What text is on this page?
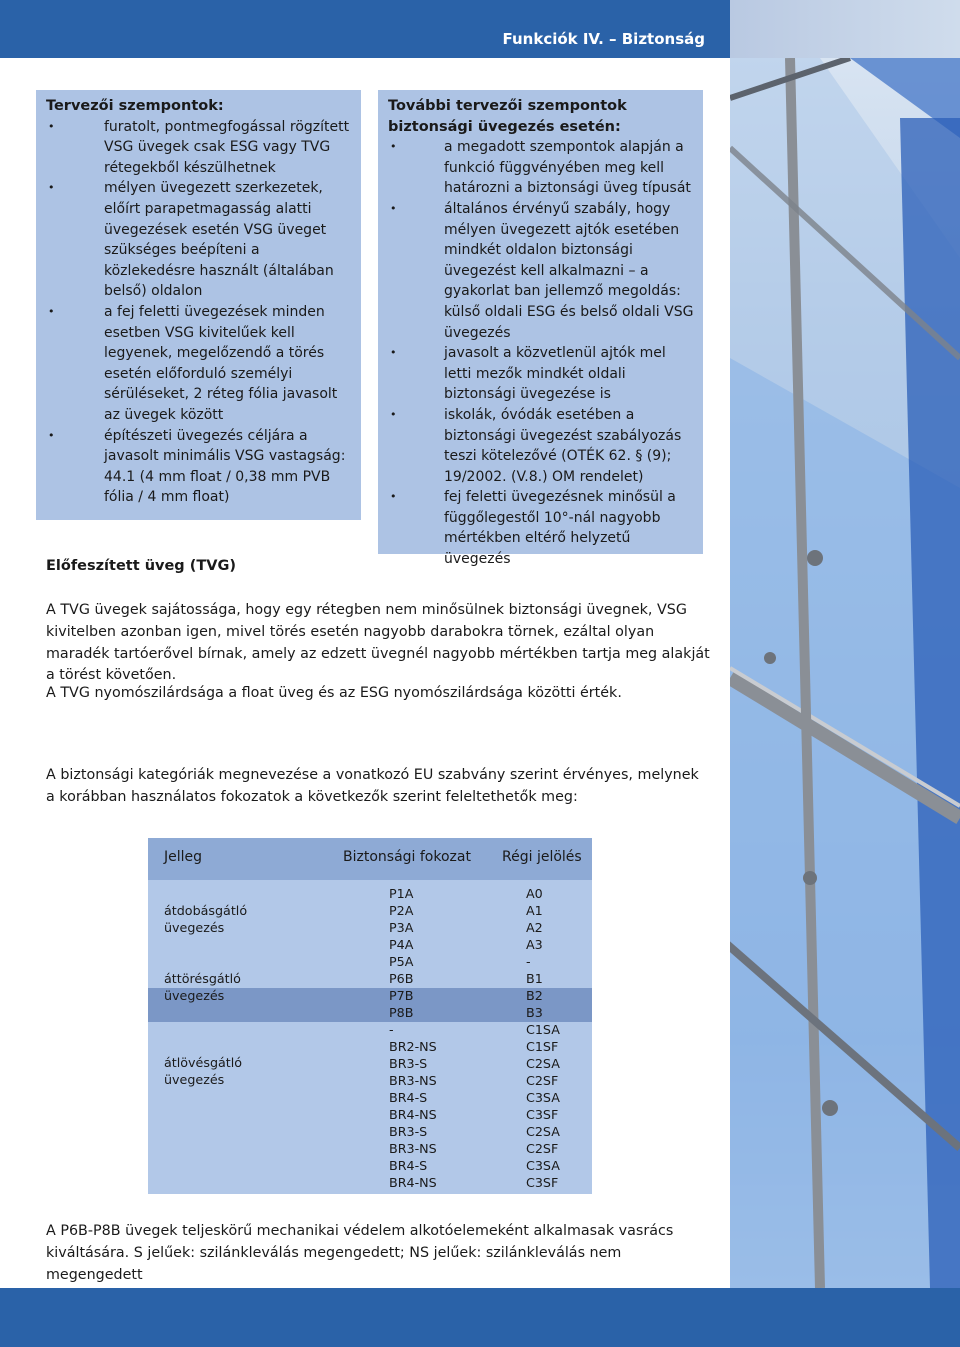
Funkciók IV. – Biztonság
Tervezői szempontok:
• furatolt, pontmegfogással rögzített VSG üvegek csak ESG vagy TVG rétegekből készülhetnek
• mélyen üvegezett szerkezetek, előírt parapetmagasság alatti üvegezések esetén VSG üveget szükséges beépíteni a közlekedésre használt (általában belső) oldalon
• a fej feletti üvegezések minden esetben VSG kivitelűek kell legyenek, megelőzendő a törés esetén előforduló személyi sérüléseket, 2 réteg fólia javasolt az üvegek között
• építészeti üvegezés céljára a javasolt minimális VSG vastagság: 44.1 (4 mm float / 0,38 mm PVB fólia / 4 mm float)
További tervezői szempontok biztonsági üvegezés esetén:
• a megadott szempontok alapján a funkció függvényében meg kell határozni a biztonsági üveg típusát
• általános érvényű szabály, hogy mélyen üvegezett ajtók esetében mindkét oldalon biztonsági üvegezést kell alkalmazni – a gyakorlat ban jellemző megoldás: külső oldali ESG és belső oldali VSG üvegezés
• javasolt a közvetlenül ajtók mel letti mezők mindkét oldali biztonsági üvegezése is
• iskolák, óvódák esetében a biztonsági üvegezést szabályozás teszi kötelezővé (OTÉK 62. § (9); 19/2002. (V.8.) OM rendelet)
• fej feletti üvegezésnek minősül a függőlegestől 10°-nál nagyobb mértékben eltérő helyzetű üvegezés
Előfeszített üveg (TVG)

A TVG üvegek sajátossága, hogy egy rétegben nem minősülnek biztonsági üvegnek, VSG kivitelben azonban igen, mivel törés esetén nagyobb darabokra törnek, ezáltal olyan maradék tartóerővel bírnak, amely az edzett üvegnél nagyobb mértékben tartja meg alakját a törést követően.

A TVG nyomószilárdsága a float üveg és az ESG nyomószilárdsága közötti érték.

A biztonsági kategóriák megnevezése a vonatkozó EU szabvány szerint érvényes, melynek a korábban használatos fokozatok a következők szerint feleltethetők meg:

Jelleg	Biztonsági fokozat Régi jelölés
átdobásgátló üvegezés
áttörésgátló üvegezés
átlövésgátló üvegezés
P1A
P2A
P3A
P4A
P5A
P6B
P7B
P8B
-
BR2-NS
BR3-S
BR3-NS
BR4-S
BR4-NS
BR3-S
BR3-NS
BR4-S
BR4-NS
A0
A1
A2
A3
-
B1
B2
B3
C1SA
C1SF
C2SA
C2SF
C3SA
C3SF
C2SA
C2SF
C3SA
C3SF

A P6B-P8B üvegek teljeskörű mechanikai védelem alkotóelemeként alkalmasak vasrács kiváltására. S jelűek: szilánkleválás megengedett; NS jelűek: szilánkleválás nem megengedett
